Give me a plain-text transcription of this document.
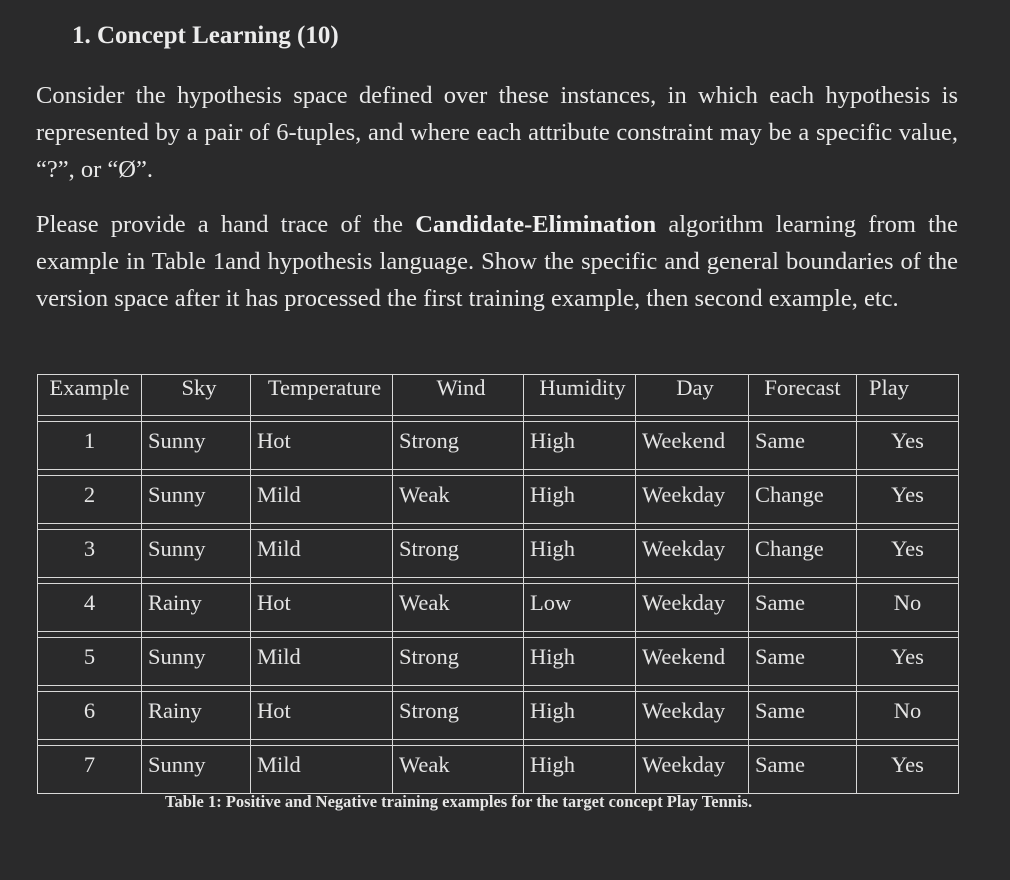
1. Concept Learning (10)
Consider the hypothesis space defined over these instances, in which each hypothesis is represented by a pair of 6-tuples, and where each attribute constraint may be a specific value, “?”, or “Ø”.
Please provide a hand trace of the Candidate-Elimination algorithm learning from the example in Table 1and hypothesis language. Show the specific and general boundaries of the version space after it has processed the first training example, then second example, etc.
Example	Sky	Temperature	Wind	Humidity	Day	Forecast	Play

1	Sunny	Hot	Strong	High	Weekend	Same	Yes

2	Sunny	Mild	Weak	High	Weekday	Change	Yes

3	Sunny	Mild	Strong	High	Weekday	Change	Yes

4	Rainy	Hot	Weak	Low	Weekday	Same	No

5	Sunny	Mild	Strong	High	Weekend	Same	Yes

6	Rainy	Hot	Strong	High	Weekday	Same	No

7	Sunny	Mild	Weak	High	Weekday	Same	Yes
Table 1: Positive and Negative training examples for the target concept Play Tennis.
